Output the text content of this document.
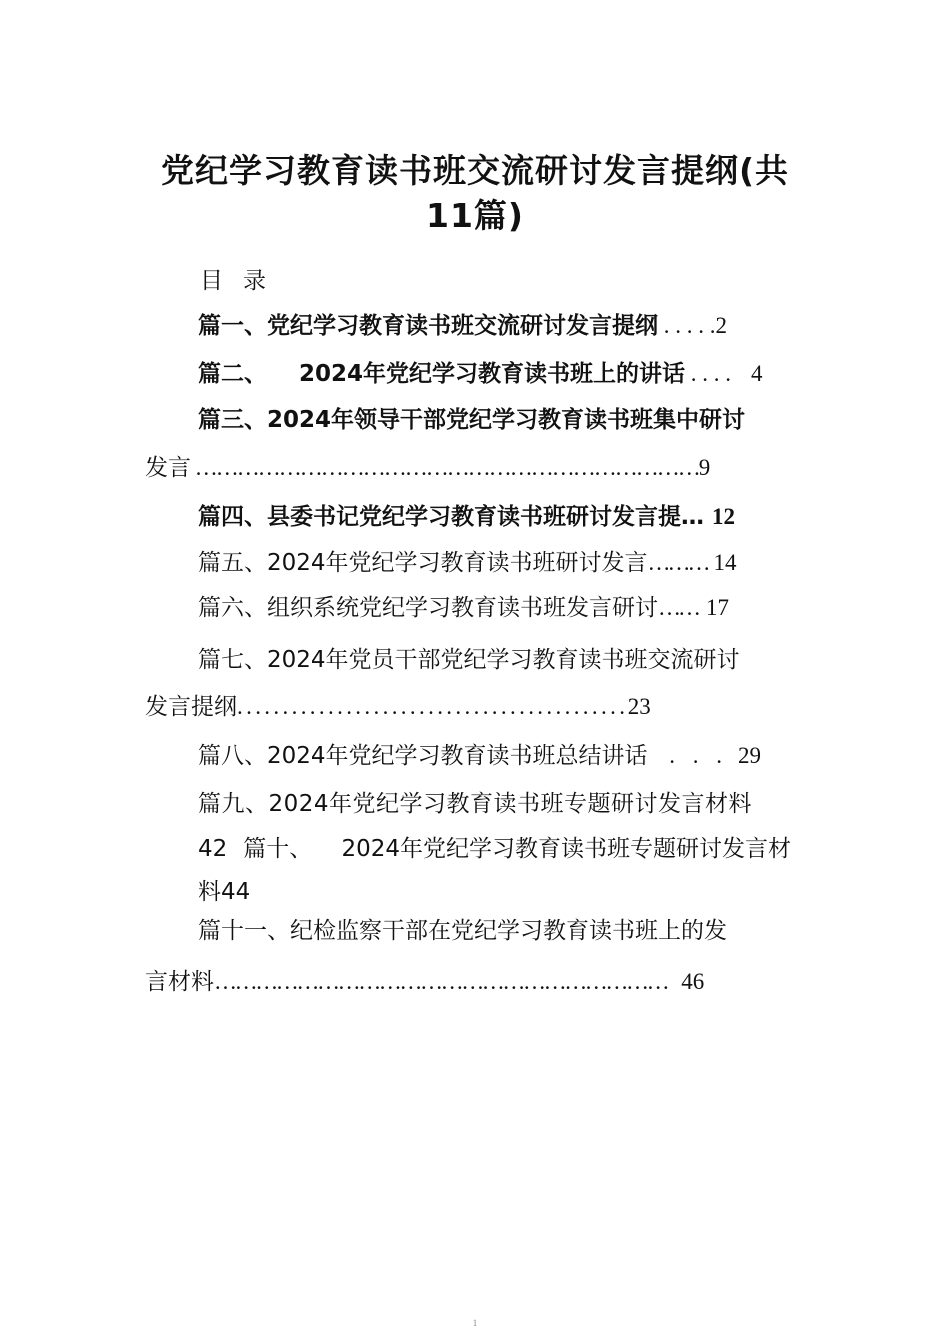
党纪学习教育读书班交流研讨发言提纲(共
11篇)
目录
篇一、党纪学习教育读书班交流研讨发言提纲 . . . . .2
篇二、    2024年党纪学习教育读书班上的讲话 . . . . 4
篇三、2024年领导干部党纪学习教育读书班集中研讨
发言 ………………………………………………………………9
篇四、县委书记党纪学习教育读书班研讨发言提… 12
篇五、2024年党纪学习教育读书班研讨发言……… 14
篇六、组织系统党纪学习教育读书班发言研讨…… 17
篇七、2024年党员干部党纪学习教育读书班交流研讨
发言提纲. . . . . . . . . . . . . . . . . . . . . . . . . . . . . . . . . . . . . . . . . . . 23
篇八、2024年党纪学习教育读书班总结讲话 . . . 29
篇九、2024年党纪学习教育读书班专题研讨发言材料
42 篇十、    2024年党纪学习教育读书班专题研讨发言材
料44
篇十一、纪检监察干部在党纪学习教育读书班上的发
言材料………………………………………………………… 46
1
